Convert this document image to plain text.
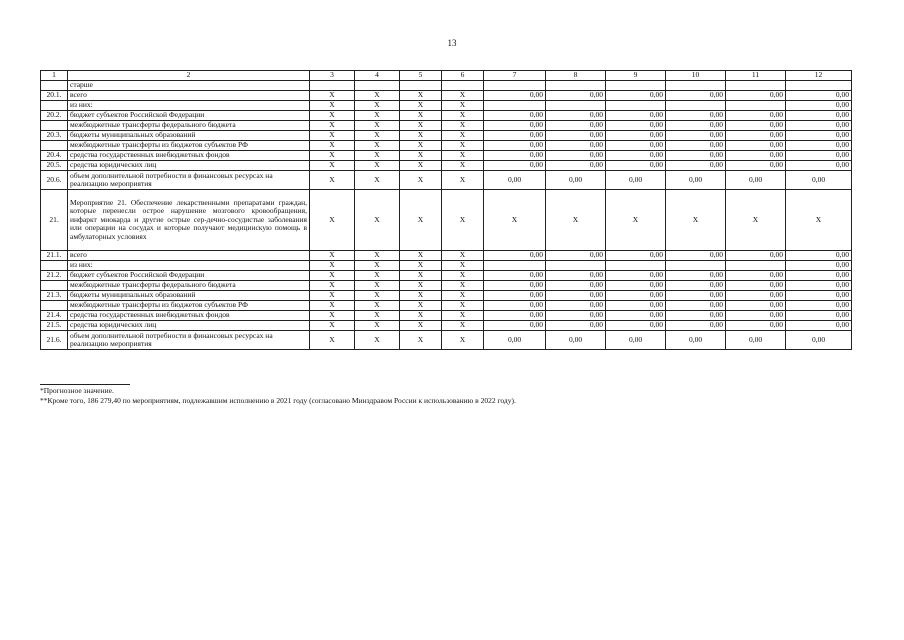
13
1	2	3	4	5	6	7	8	9	10	11	12
	старше										
20.1.	всего	X	X	X	X	0,00	0,00	0,00	0,00	0,00	0,00
	из них:	X	X	X	X						0,00
20.2.	бюджет субъектов Российской Федерации	X	X	X	X	0,00	0,00	0,00	0,00	0,00	0,00
	межбюджетные трансферты федерального бюджета	X	X	X	X	0,00	0,00	0,00	0,00	0,00	0,00
20.3.	бюджеты муниципальных образований	X	X	X	X	0,00	0,00	0,00	0,00	0,00	0,00
	межбюджетные трансферты из бюджетов субъектов РФ	X	X	X	X	0,00	0,00	0,00	0,00	0,00	0,00
20.4.	средства государственных внебюджетных фондов	X	X	X	X	0,00	0,00	0,00	0,00	0,00	0,00
20.5.	средства юридических лиц	X	X	X	X	0,00	0,00	0,00	0,00	0,00	0,00
20.6.	объем дополнительной потребности в финансовых ресурсах на реализацию мероприятия	X	X	X	X	0,00	0,00	0,00	0,00	0,00	0,00
21.	Мероприятие 21. Обеспечение лекарственными препаратами граждан, которые перенесли острое нарушение мозгового кровообращения, инфаркт миокарда и другие острые сер-дечно-сосудистые заболевания или операции на сосудах и которые получают медицинскую помощь в амбулаторных условиях	X	X	X	X	X	X	X	X	X	X
21.1.	всего	X	X	X	X	0,00	0,00	0,00	0,00	0,00	0,00
	из них:	X	X	X	X						0,00
21.2.	бюджет субъектов Российской Федерации	X	X	X	X	0,00	0,00	0,00	0,00	0,00	0,00
	межбюджетные трансферты федерального бюджета	X	X	X	X	0,00	0,00	0,00	0,00	0,00	0,00
21.3.	бюджеты муниципальных образований	X	X	X	X	0,00	0,00	0,00	0,00	0,00	0,00
	межбюджетные трансферты из бюджетов субъектов РФ	X	X	X	X	0,00	0,00	0,00	0,00	0,00	0,00
21.4.	средства государственных внебюджетных фондов	X	X	X	X	0,00	0,00	0,00	0,00	0,00	0,00
21.5.	средства юридических лиц	X	X	X	X	0,00	0,00	0,00	0,00	0,00	0,00
21.6.	объем дополнительной потребности в финансовых ресурсах на реализацию мероприятия	X	X	X	X	0,00	0,00	0,00	0,00	0,00	0,00
*Прогнозное значение.
**Кроме того, 186 279,40 по мероприятиям, подлежавшим исполнению в 2021 году (согласовано Минздравом России к использованию в 2022 году).
